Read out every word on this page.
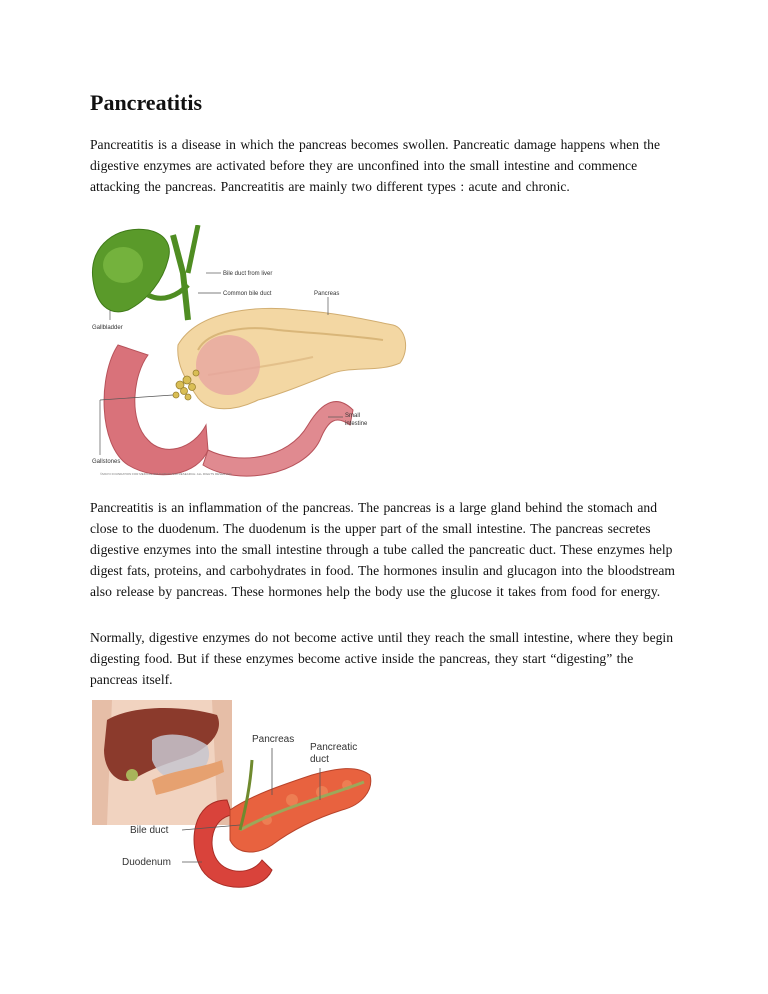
Pancreatitis

Pancreatitis is a disease in which the pancreas becomes swollen. Pancreatic damage happens when the digestive enzymes are activated before they are unconfined into the small intestine and commence attacking the pancreas. Pancreatitis are mainly two different types : acute and chronic.

Bile duct from liver
Common bile duct	Pancreas
Gallbladder
Small
intestine
Gallstones
©MAYO FOUNDATION FOR MEDICAL EDUCATION AND RESEARCH. ALL RIGHTS RESERVED.

Pancreatitis is an inflammation of the pancreas. The pancreas is a large gland behind the stomach and close to the duodenum. The duodenum is the upper part of the small intestine. The pancreas secretes digestive enzymes into the small intestine through a tube called the pancreatic duct. These enzymes help digest fats, proteins, and carbohydrates in food. The hormones insulin and glucagon into the bloodstream also release by pancreas. These hormones help the body use the glucose it takes from food for energy.

Normally, digestive enzymes do not become active until they reach the small intestine, where they begin digesting food. But if these enzymes become active inside the pancreas, they start “digesting” the pancreas itself.

Pancreas
Pancreatic
duct
Bile duct
Duodenum
